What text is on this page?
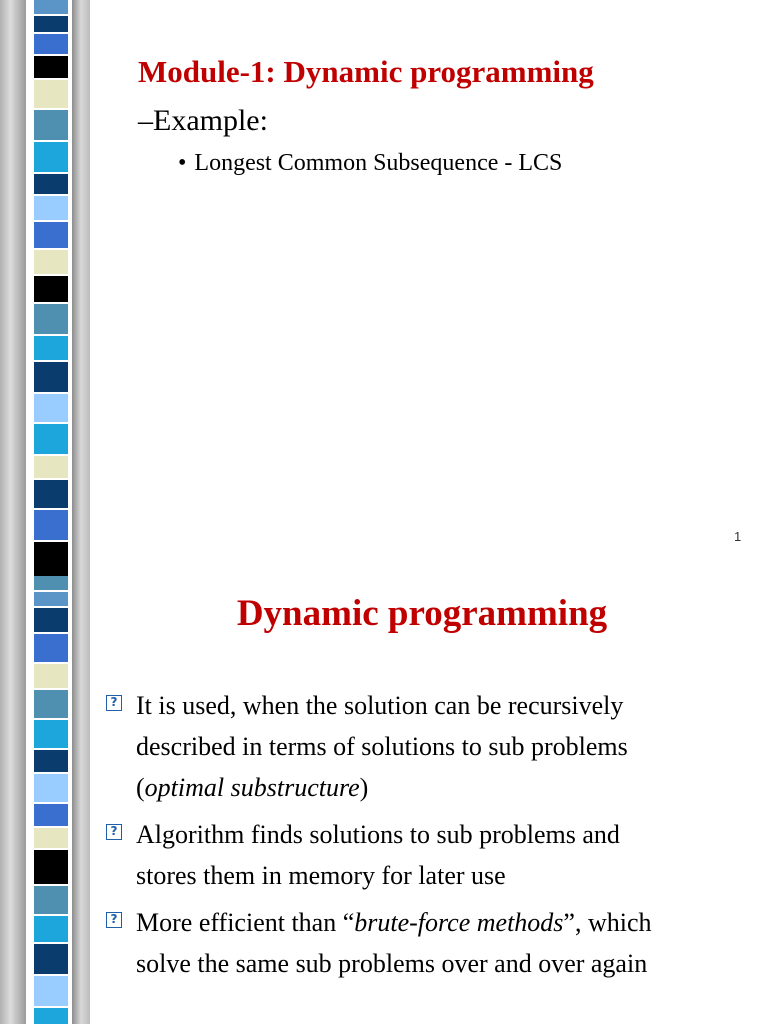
Module-1: Dynamic programming
–Example:
• Longest Common Subsequence - LCS
1
Dynamic programming
? It is used, when the solution can be recursively
described in terms of solutions to sub problems
(optimal substructure)
? Algorithm finds solutions to sub problems and
stores them in memory for later use
? More efficient than “brute-force methods”, which
solve the same sub problems over and over again
